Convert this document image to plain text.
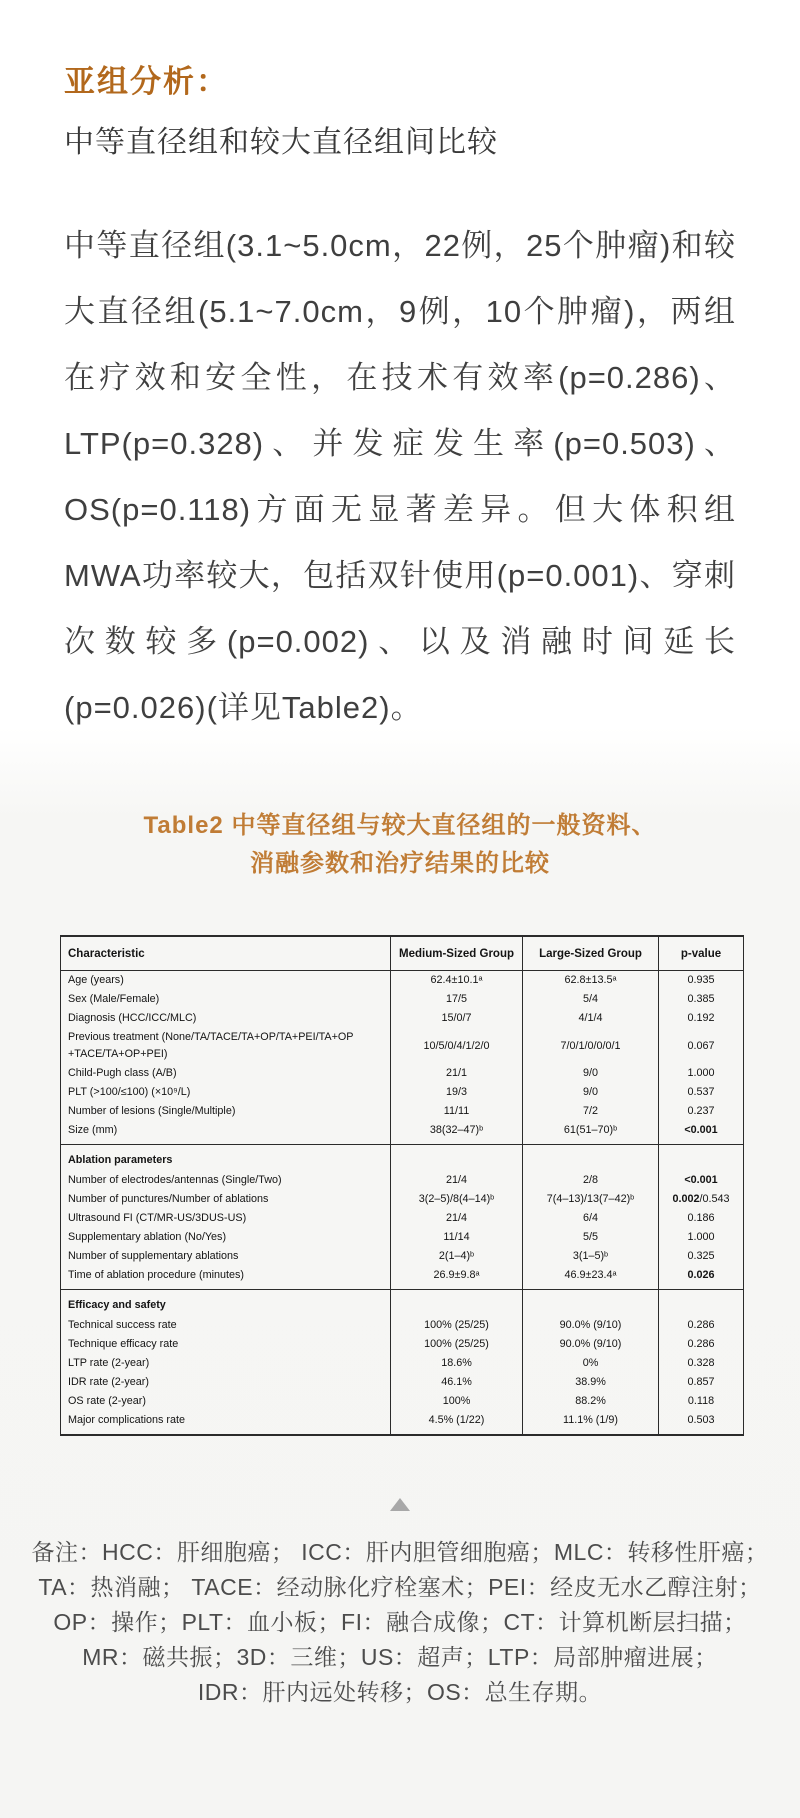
亚组分析：
中等直径组和较大直径组间比较

中等直径组(3.1~5.0cm，22例，25个肿瘤)和较大直径组(5.1~7.0cm，9例，10个肿瘤)，两组在疗效和安全性，在技术有效率(p=0.286)、LTP(p=0.328)、并发症发生率(p=0.503)、OS(p=0.118)方面无显著差异。但大体积组MWA功率较大，包括双针使用(p=0.001)、穿刺次数较多(p=0.002)、以及消融时间延长(p=0.026)(详见Table2)。

Table2 中等直径组与较大直径组的一般资料、
消融参数和治疗结果的比较
Characteristic	Medium-Sized Group	Large-Sized Group	p-value
Age (years)	62.4±10.1ᵃ	62.8±13.5ᵃ	0.935
Sex (Male/Female)	17/5	5/4	0.385
Diagnosis (HCC/ICC/MLC)	15/0/7	4/1/4	0.192
Previous treatment (None/TA/TACE/TA+OP/TA+PEI/TA+OP +TACE/TA+OP+PEI)	10/5/0/4/1/2/0	7/0/1/0/0/0/1	0.067
Child-Pugh class (A/B)	21/1	9/0	1.000
PLT (>100/≤100) (×10⁹/L)	19/3	9/0	0.537
Number of lesions (Single/Multiple)	11/11	7/2	0.237
Size (mm)	38(32–47)ᵇ	61(51–70)ᵇ	<0.001
Ablation parameters			
Number of electrodes/antennas (Single/Two)	21/4	2/8	<0.001
Number of punctures/Number of ablations	3(2–5)/8(4–14)ᵇ	7(4–13)/13(7–42)ᵇ	0.002/0.543
Ultrasound FI (CT/MR-US/3DUS-US)	21/4	6/4	0.186
Supplementary ablation (No/Yes)	11/14	5/5	1.000
Number of supplementary ablations	2(1–4)ᵇ	3(1–5)ᵇ	0.325
Time of ablation procedure (minutes)	26.9±9.8ᵃ	46.9±23.4ᵃ	0.026
Efficacy and safety			
Technical success rate	100% (25/25)	90.0% (9/10)	0.286
Technique efficacy rate	100% (25/25)	90.0% (9/10)	0.286
LTP rate (2-year)	18.6%	0%	0.328
IDR rate (2-year)	46.1%	38.9%	0.857
OS rate (2-year)	100%	88.2%	0.118
Major complications rate	4.5% (1/22)	11.1% (1/9)	0.503
备注：HCC：肝细胞癌； ICC：肝内胆管细胞癌；MLC：转移性肝癌；
TA：热消融； TACE：经动脉化疗栓塞术；PEI：经皮无水乙醇注射；
OP：操作；PLT：血小板；FI：融合成像；CT：计算机断层扫描；
MR：磁共振；3D：三维；US：超声；LTP：局部肿瘤进展；
IDR：肝内远处转移；OS：总生存期。
